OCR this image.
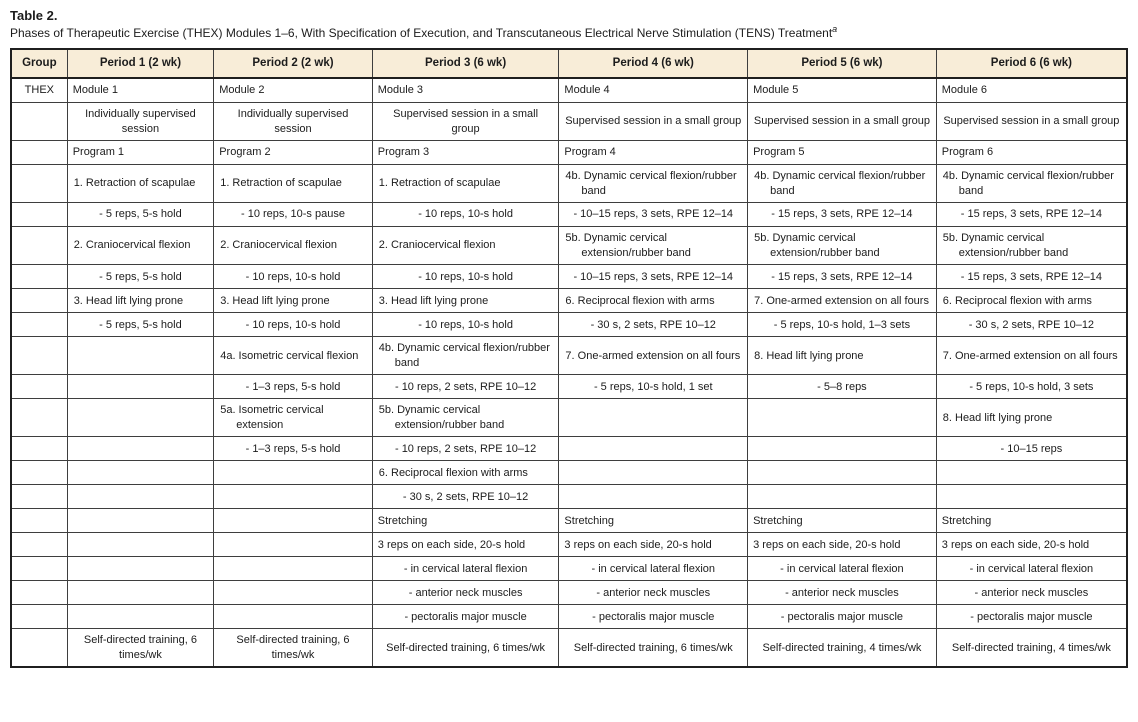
Table 2.
Phases of Therapeutic Exercise (THEX) Modules 1–6, With Specification of Execution, and Transcutaneous Electrical Nerve Stimulation (TENS) Treatment$^a$
Group	Period 1 (2 wk)	Period 2 (2 wk)	Period 3 (6 wk)	Period 4 (6 wk)	Period 5 (6 wk)	Period 6 (6 wk)
THEX	Module 1	Module 2	Module 3	Module 4	Module 5	Module 6
	Individually supervised session	Individually supervised session	Supervised session in a small group	Supervised session in a small group	Supervised session in a small group	Supervised session in a small group
	Program 1	Program 2	Program 3	Program 4	Program 5	Program 6
	1. Retraction of scapulae	1. Retraction of scapulae	1. Retraction of scapulae	4b. Dynamic cervical flexion/rubber band	4b. Dynamic cervical flexion/rubber band	4b. Dynamic cervical flexion/rubber band
	- 5 reps, 5-s hold	- 10 reps, 10-s pause	- 10 reps, 10-s hold	- 10–15 reps, 3 sets, RPE 12–14	- 15 reps, 3 sets, RPE 12–14	- 15 reps, 3 sets, RPE 12–14
	2. Craniocervical flexion	2. Craniocervical flexion	2. Craniocervical flexion	5b. Dynamic cervical extension/rubber band	5b. Dynamic cervical extension/rubber band	5b. Dynamic cervical extension/rubber band
	- 5 reps, 5-s hold	- 10 reps, 10-s hold	- 10 reps, 10-s hold	- 10–15 reps, 3 sets, RPE 12–14	- 15 reps, 3 sets, RPE 12–14	- 15 reps, 3 sets, RPE 12–14
	3. Head lift lying prone	3. Head lift lying prone	3. Head lift lying prone	6. Reciprocal flexion with arms	7. One-armed extension on all fours	6. Reciprocal flexion with arms
	- 5 reps, 5-s hold	- 10 reps, 10-s hold	- 10 reps, 10-s hold	- 30 s, 2 sets, RPE 10–12	- 5 reps, 10-s hold, 1–3 sets	- 30 s, 2 sets, RPE 10–12
		4a. Isometric cervical flexion	4b. Dynamic cervical flexion/rubber band	7. One-armed extension on all fours	8. Head lift lying prone	7. One-armed extension on all fours
		- 1–3 reps, 5-s hold	- 10 reps, 2 sets, RPE 10–12	- 5 reps, 10-s hold, 1 set	- 5–8 reps	- 5 reps, 10-s hold, 3 sets
		5a. Isometric cervical extension	5b. Dynamic cervical extension/rubber band			8. Head lift lying prone
		- 1–3 reps, 5-s hold	- 10 reps, 2 sets, RPE 10–12			- 10–15 reps
			6. Reciprocal flexion with arms			
			- 30 s, 2 sets, RPE 10–12			
			Stretching	Stretching	Stretching	Stretching
			3 reps on each side, 20-s hold	3 reps on each side, 20-s hold	3 reps on each side, 20-s hold	3 reps on each side, 20-s hold
			- in cervical lateral flexion	- in cervical lateral flexion	- in cervical lateral flexion	- in cervical lateral flexion
			- anterior neck muscles	- anterior neck muscles	- anterior neck muscles	- anterior neck muscles
			- pectoralis major muscle	- pectoralis major muscle	- pectoralis major muscle	- pectoralis major muscle
	Self-directed training, 6 times/wk	Self-directed training, 6 times/wk	Self-directed training, 6 times/wk	Self-directed training, 6 times/wk	Self-directed training, 4 times/wk	Self-directed training, 4 times/wk
